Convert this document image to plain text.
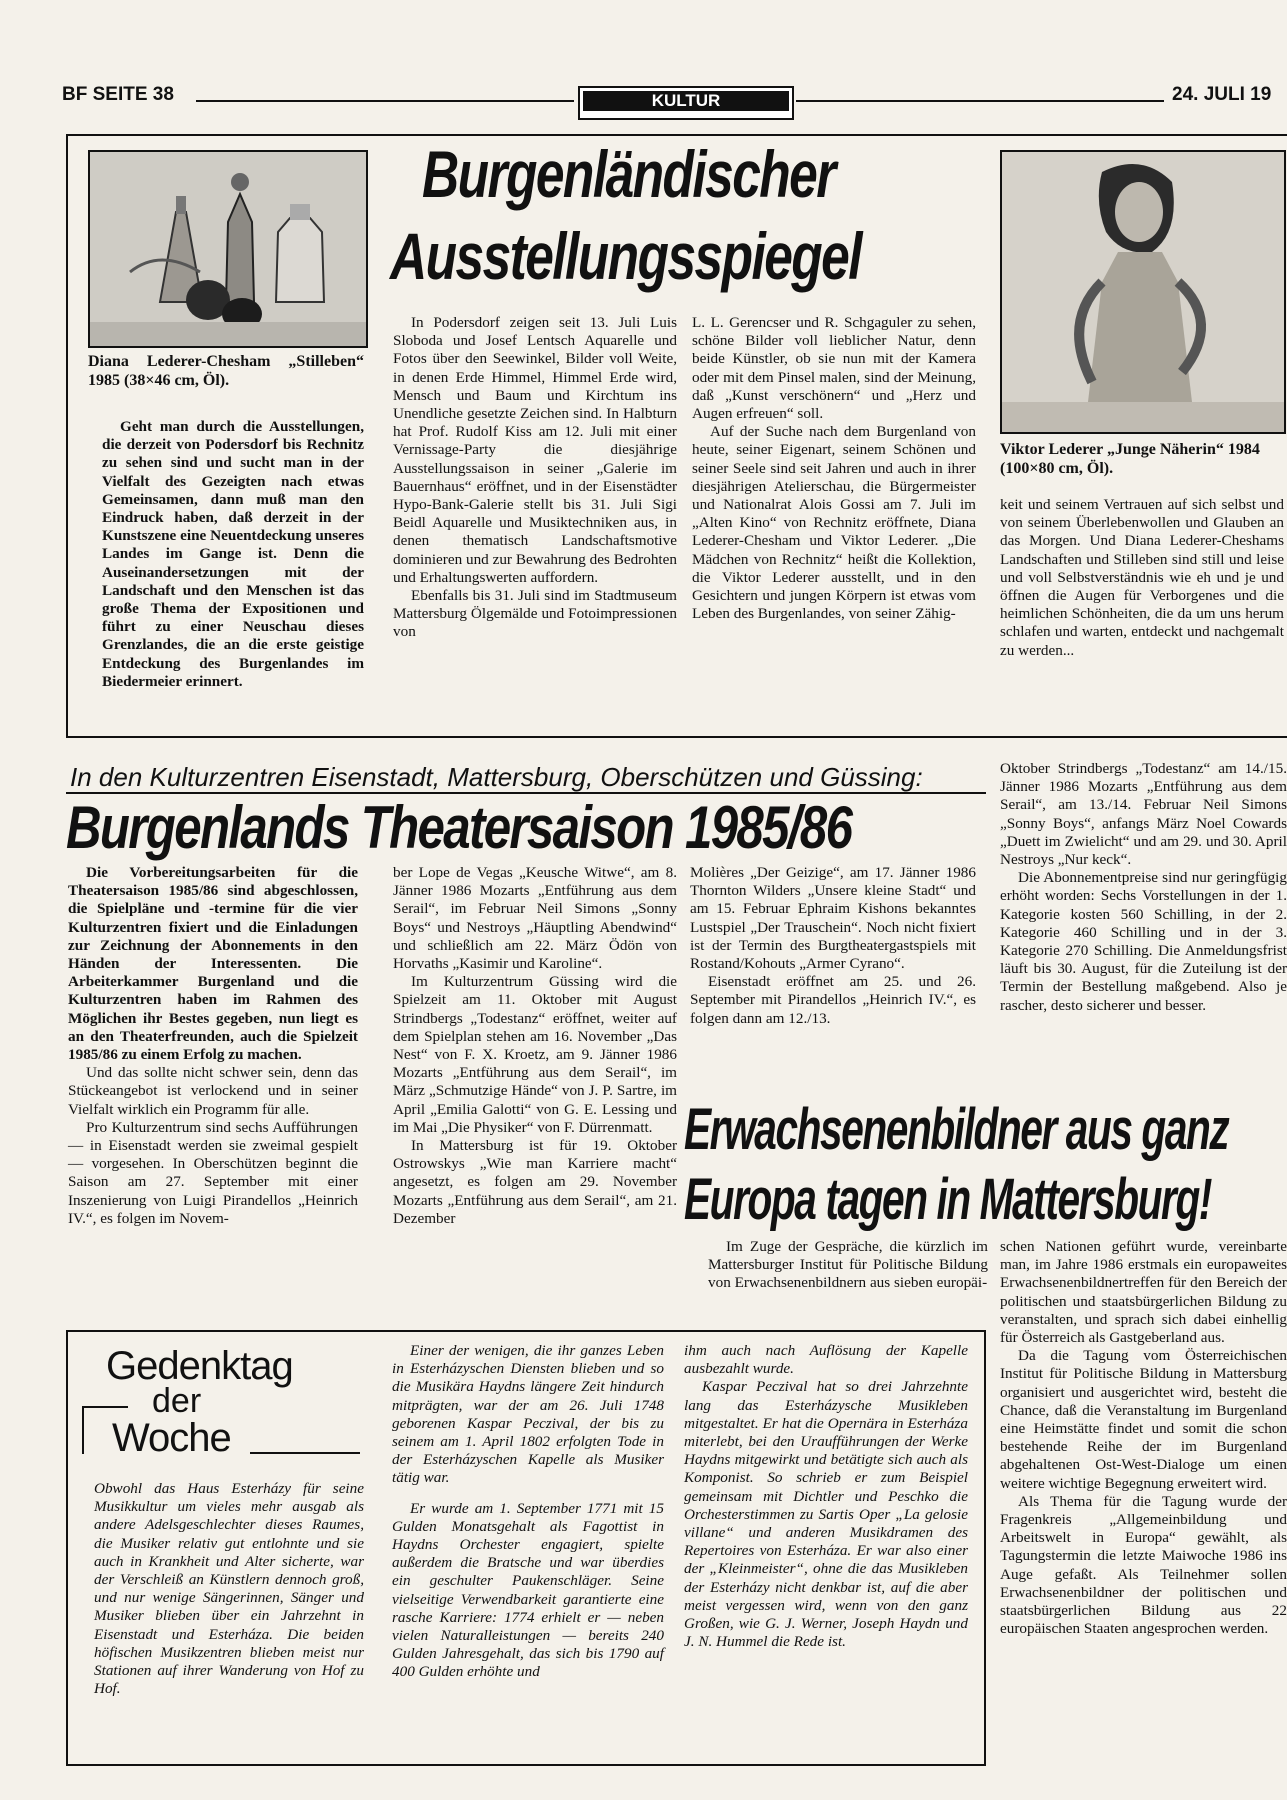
BF SEITE 38	KULTUR	24. JULI 19
Diana Lederer-Chesham „Stilleben“ 1985 (38×46 cm, Öl).
Burgenländischer
Ausstellungsspiegel
Viktor Lederer „Junge Näherin“ 1984 (100×80 cm, Öl).

Geht man durch die Ausstellungen, die derzeit von Podersdorf bis Rechnitz zu sehen sind und sucht man in der Vielfalt des Gezeigten nach etwas Gemeinsamen, dann muß man den Eindruck haben, daß derzeit in der Kunstszene eine Neuentdeckung unseres Landes im Gange ist. Denn die Auseinandersetzungen mit der Landschaft und den Menschen ist das große Thema der Expositionen und führt zu einer Neuschau dieses Grenzlandes, die an die erste geistige Entdeckung des Burgenlandes im Biedermeier erinnert.

In Podersdorf zeigen seit 13. Juli Luis Sloboda und Josef Lentsch Aquarelle und Fotos über den Seewinkel, Bilder voll Weite, in denen Erde Himmel, Himmel Erde wird, Mensch und Baum und Kirchtum ins Unendliche gesetzte Zeichen sind. In Halbturn hat Prof. Rudolf Kiss am 12. Juli mit einer Vernissage-Party die diesjährige Ausstellungssaison in seiner „Galerie im Bauernhaus“ eröffnet, und in der Eisenstädter Hypo-Bank-Galerie stellt bis 31. Juli Sigi Beidl Aquarelle und Musiktechniken aus, in denen thematisch Landschaftsmotive dominieren und zur Bewahrung des Bedrohten und Erhaltungswerten auffordern.

Ebenfalls bis 31. Juli sind im Stadtmuseum Mattersburg Ölgemälde und Fotoimpressionen von

L. L. Gerencser und R. Schgaguler zu sehen, schöne Bilder voll lieblicher Natur, denn beide Künstler, ob sie nun mit der Kamera oder mit dem Pinsel malen, sind der Meinung, daß „Kunst verschönern“ und „Herz und Augen erfreuen“ soll.

Auf der Suche nach dem Burgenland von heute, seiner Eigenart, seinem Schönen und seiner Seele sind seit Jahren und auch in ihrer diesjährigen Atelierschau, die Bürgermeister und Nationalrat Alois Gossi am 7. Juli im „Alten Kino“ von Rechnitz eröffnete, Diana Lederer-Chesham und Viktor Lederer. „Die Mädchen von Rechnitz“ heißt die Kollektion, die Viktor Lederer ausstellt, und in den Gesichtern und jungen Körpern ist etwas vom Leben des Burgenlandes, von seiner Zähig-

keit und seinem Vertrauen auf sich selbst und von seinem Überlebenwollen und Glauben an das Morgen. Und Diana Lederer-Cheshams Landschaften und Stilleben sind still und leise und voll Selbstverständnis wie eh und je und öffnen die Augen für Verborgenes und die heimlichen Schönheiten, die da um uns herum schlafen und warten, entdeckt und nachgemalt zu werden...

In den Kulturzentren Eisenstadt, Mattersburg, Oberschützen und Güssing:
Burgenlands Theatersaison 1985/86

Die Vorbereitungsarbeiten für die Theatersaison 1985/86 sind abgeschlossen, die Spielpläne und -termine für die vier Kulturzentren fixiert und die Einladungen zur Zeichnung der Abonnements in den Händen der Interessenten. Die Arbeiterkammer Burgenland und die Kulturzentren haben im Rahmen des Möglichen ihr Bestes gegeben, nun liegt es an den Theaterfreunden, auch die Spielzeit 1985/86 zu einem Erfolg zu machen.

Und das sollte nicht schwer sein, denn das Stückeangebot ist verlockend und in seiner Vielfalt wirklich ein Programm für alle.

Pro Kulturzentrum sind sechs Aufführungen — in Eisenstadt werden sie zweimal gespielt — vorgesehen. In Oberschützen beginnt die Saison am 27. September mit einer Inszenierung von Luigi Pirandellos „Heinrich IV.“, es folgen im Novem-

ber Lope de Vegas „Keusche Witwe“, am 8. Jänner 1986 Mozarts „Entführung aus dem Serail“, im Februar Neil Simons „Sonny Boys“ und Nestroys „Häuptling Abendwind“ und schließlich am 22. März Ödön von Horvaths „Kasimir und Karoline“.

Im Kulturzentrum Güssing wird die Spielzeit am 11. Oktober mit August Strindbergs „Todestanz“ eröffnet, weiter auf dem Spielplan stehen am 16. November „Das Nest“ von F. X. Kroetz, am 9. Jänner 1986 Mozarts „Entführung aus dem Serail“, im März „Schmutzige Hände“ von J. P. Sartre, im April „Emilia Galotti“ von G. E. Lessing und im Mai „Die Physiker“ von F. Dürrenmatt.

In Mattersburg ist für 19. Oktober Ostrowskys „Wie man Karriere macht“ angesetzt, es folgen am 29. November Mozarts „Entführung aus dem Serail“, am 21. Dezember

Molières „Der Geizige“, am 17. Jänner 1986 Thornton Wilders „Unsere kleine Stadt“ und am 15. Februar Ephraim Kishons bekanntes Lustspiel „Der Trauschein“. Noch nicht fixiert ist der Termin des Burgtheatergastspiels mit Rostand/Kohouts „Armer Cyrano“.

Eisenstadt eröffnet am 25. und 26. September mit Pirandellos „Heinrich IV.“, es folgen dann am 12./13.

Oktober Strindbergs „Todestanz“ am 14./15. Jänner 1986 Mozarts „Entführung aus dem Serail“, am 13./14. Februar Neil Simons „Sonny Boys“, anfangs März Noel Cowards „Duett im Zwielicht“ und am 29. und 30. April Nestroys „Nur keck“.

Die Abonnementpreise sind nur geringfügig erhöht worden: Sechs Vorstellungen in der 1. Kategorie kosten 560 Schilling, in der 2. Kategorie 460 Schilling und in der 3. Kategorie 270 Schilling. Die Anmeldungsfrist läuft bis 30. August, für die Zuteilung ist der Termin der Bestellung maßgebend. Also je rascher, desto sicherer und besser.

Erwachsenenbildner aus ganz
Europa tagen in Mattersburg!

Im Zuge der Gespräche, die kürzlich im Mattersburger Institut für Politische Bildung von Erwachsenenbildnern aus sieben europäi-

schen Nationen geführt wurde, vereinbarte man, im Jahre 1986 erstmals ein europaweites Erwachsenenbildnertreffen für den Bereich der politischen und staatsbürgerlichen Bildung zu veranstalten, und sprach sich dabei einhellig für Österreich als Gastgeberland aus.

Da die Tagung vom Österreichischen Institut für Politische Bildung in Mattersburg organisiert und ausgerichtet wird, besteht die Chance, daß die Veranstaltung im Burgenland eine Heimstätte findet und somit die schon bestehende Reihe der im Burgenland abgehaltenen Ost-West-Dialoge um einen weitere wichtige Begegnung erweitert wird.

Als Thema für die Tagung wurde der Fragenkreis „Allgemeinbildung und Arbeitswelt in Europa“ gewählt, als Tagungstermin die letzte Maiwoche 1986 ins Auge gefaßt. Als Teilnehmer sollen Erwachsenenbildner der politischen und staatsbürgerlichen Bildung aus 22 europäischen Staaten angesprochen werden.

Gedenktag
der
Woche

Obwohl das Haus Esterházy für seine Musikkultur um vieles mehr ausgab als andere Adelsgeschlechter dieses Raumes, die Musiker relativ gut entlohnte und sie auch in Krankheit und Alter sicherte, war der Verschleiß an Künstlern dennoch groß, und nur wenige Sängerinnen, Sänger und Musiker blieben über ein Jahrzehnt in Eisenstadt und Esterháza. Die beiden höfischen Musikzentren blieben meist nur Stationen auf ihrer Wanderung von Hof zu Hof.

Einer der wenigen, die ihr ganzes Leben in Esterházyschen Diensten blieben und so die Musikära Haydns längere Zeit hindurch mitprägten, war der am 26. Juli 1748 geborenen Kaspar Peczival, der bis zu seinem am 1. April 1802 erfolgten Tode in der Esterházyschen Kapelle als Musiker tätig war.

Er wurde am 1. September 1771 mit 15 Gulden Monatsgehalt als Fagottist in Haydns Orchester engagiert, spielte außerdem die Bratsche und war überdies ein geschulter Paukenschläger. Seine vielseitige Verwendbarkeit garantierte eine rasche Karriere: 1774 erhielt er — neben vielen Naturalleistungen — bereits 240 Gulden Jahresgehalt, das sich bis 1790 auf 400 Gulden erhöhte und

ihm auch nach Auflösung der Kapelle ausbezahlt wurde.

Kaspar Peczival hat so drei Jahrzehnte lang das Esterházysche Musikleben mitgestaltet. Er hat die Opernära in Esterháza miterlebt, bei den Uraufführungen der Werke Haydns mitgewirkt und betätigte sich auch als Komponist. So schrieb er zum Beispiel gemeinsam mit Dichtler und Peschko die Orchesterstimmen zu Sartis Oper „La gelosie villane“ und anderen Musikdramen des Repertoires von Esterháza. Er war also einer der „Kleinmeister“, ohne die das Musikleben der Esterházy nicht denkbar ist, auf die aber meist vergessen wird, wenn von den ganz Großen, wie G. J. Werner, Joseph Haydn und J. N. Hummel die Rede ist.
